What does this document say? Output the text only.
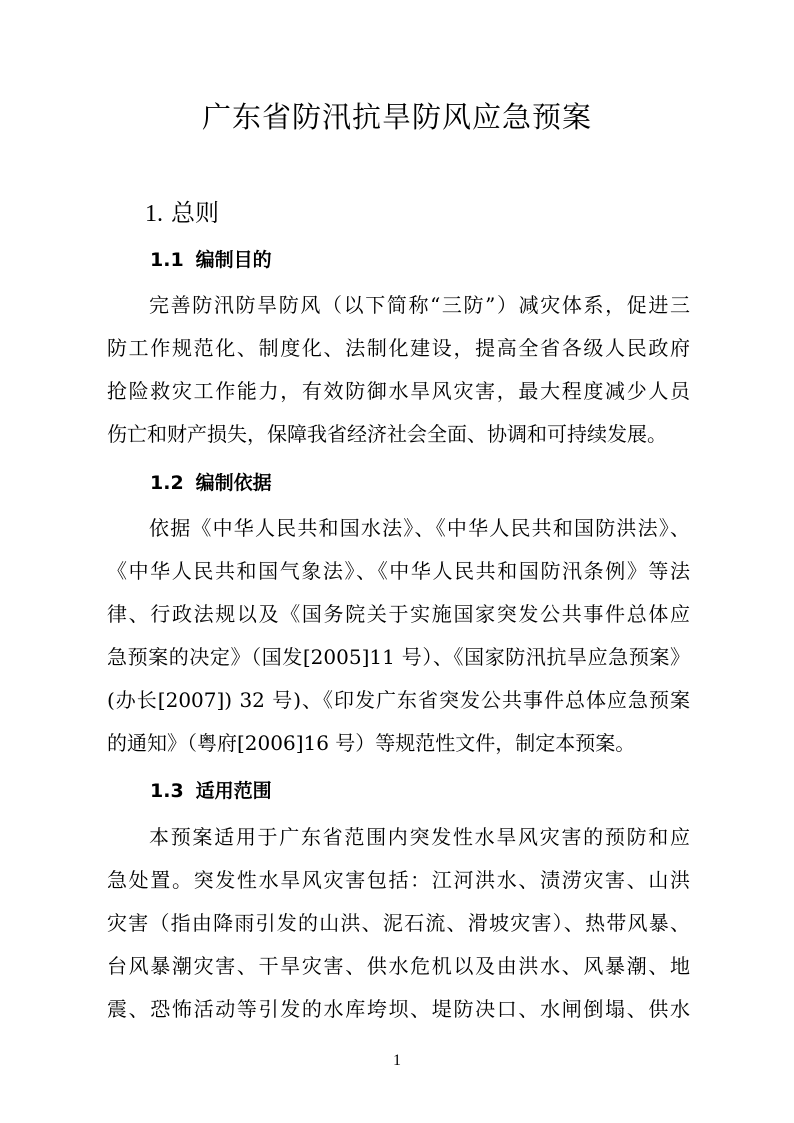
广东省防汛抗旱防风应急预案
1. 总则
1.1 编制目的
完善防汛防旱防风（以下简称“三防”）减灾体系，促进三
防工作规范化、制度化、法制化建设，提高全省各级人民政府
抢险救灾工作能力，有效防御水旱风灾害，最大程度减少人员
伤亡和财产损失，保障我省经济社会全面、协调和可持续发展。
1.2 编制依据
依据《中华人民共和国水法》、《中华人民共和国防洪法》、
《中华人民共和国气象法》、《中华人民共和国防汛条例》等法
律、行政法规以及《国务院关于实施国家突发公共事件总体应
急预案的决定》（国发[2005]11 号）、《国家防汛抗旱应急预案》
(办长[2007]) 32 号)、《印发广东省突发公共事件总体应急预案
的通知》（粤府[2006]16 号）等规范性文件，制定本预案。
1.3 适用范围
本预案适用于广东省范围内突发性水旱风灾害的预防和应
急处置。突发性水旱风灾害包括：江河洪水、渍涝灾害、山洪
灾害（指由降雨引发的山洪、泥石流、滑坡灾害）、热带风暴、
台风暴潮灾害、干旱灾害、供水危机以及由洪水、风暴潮、地
震、恐怖活动等引发的水库垮坝、堤防决口、水闸倒塌、供水
1
